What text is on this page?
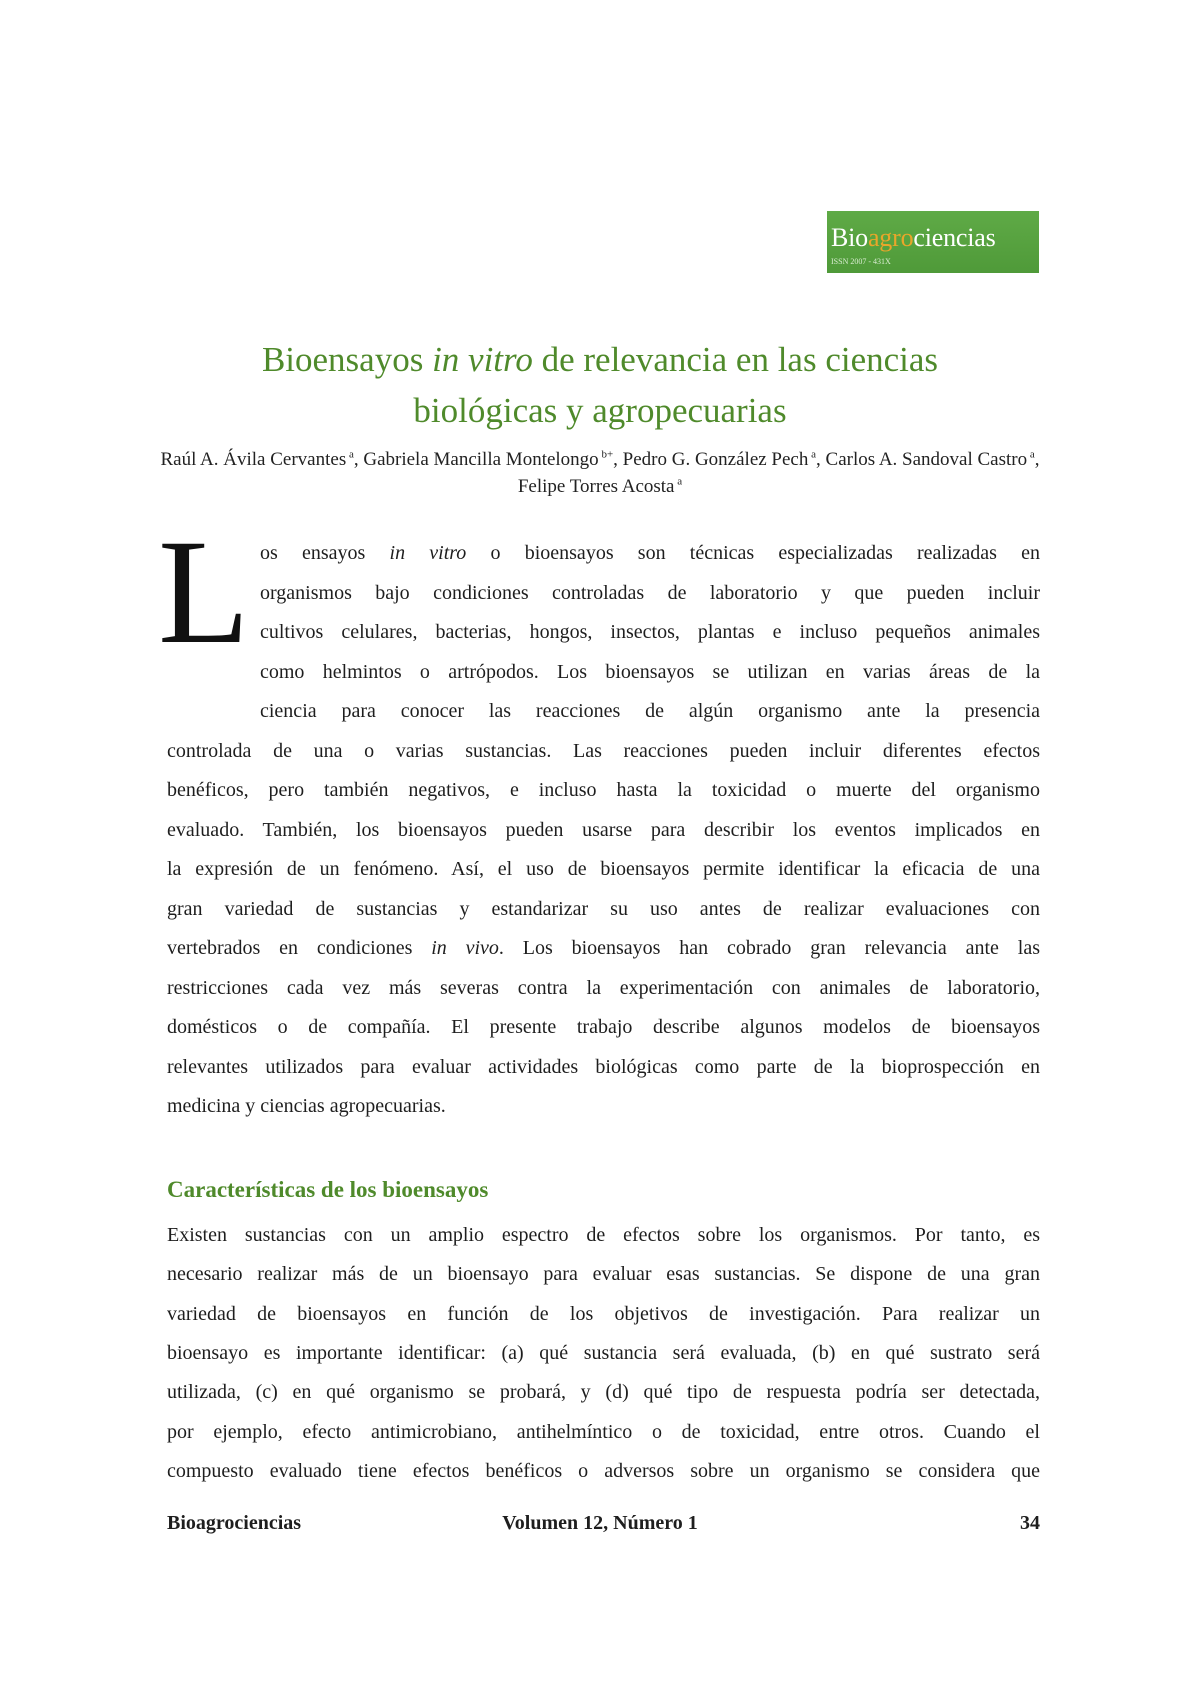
Bioagrociencias
ISSN 2007 - 431X
Bioensayos in vitro de relevancia en las ciencias
biológicas y agropecuarias
Raúl A. Ávila Cervantes $^a$, Gabriela Mancilla Montelongo $^{b+}$, Pedro G. González Pech $^a$, Carlos A. Sandoval Castro $^a$, Felipe Torres Acosta $^a$
L os ensayos in vitro o bioensayos son técnicas especializadas realizadas en
organismos bajo condiciones controladas de laboratorio y que pueden incluir
cultivos celulares, bacterias, hongos, insectos, plantas e incluso pequeños animales
como helmintos o artrópodos. Los bioensayos se utilizan en varias áreas de la
ciencia para conocer las reacciones de algún organismo ante la presencia
controlada de una o varias sustancias. Las reacciones pueden incluir diferentes efectos
benéficos, pero también negativos, e incluso hasta la toxicidad o muerte del organismo
evaluado. También, los bioensayos pueden usarse para describir los eventos implicados en
la expresión de un fenómeno. Así, el uso de bioensayos permite identificar la eficacia de una
gran variedad de sustancias y estandarizar su uso antes de realizar evaluaciones con
vertebrados en condiciones in vivo. Los bioensayos han cobrado gran relevancia ante las
restricciones cada vez más severas contra la experimentación con animales de laboratorio,
domésticos o de compañía. El presente trabajo describe algunos modelos de bioensayos
relevantes utilizados para evaluar actividades biológicas como parte de la bioprospección en
medicina y ciencias agropecuarias.
Características de los bioensayos
Existen sustancias con un amplio espectro de efectos sobre los organismos. Por tanto, es
necesario realizar más de un bioensayo para evaluar esas sustancias. Se dispone de una gran
variedad de bioensayos en función de los objetivos de investigación. Para realizar un
bioensayo es importante identificar: (a) qué sustancia será evaluada, (b) en qué sustrato será
utilizada, (c) en qué organismo se probará, y (d) qué tipo de respuesta podría ser detectada,
por ejemplo, efecto antimicrobiano, antihelmíntico o de toxicidad, entre otros. Cuando el
compuesto evaluado tiene efectos benéficos o adversos sobre un organismo se considera que
Bioagrociencias	Volumen 12, Número 1	34
